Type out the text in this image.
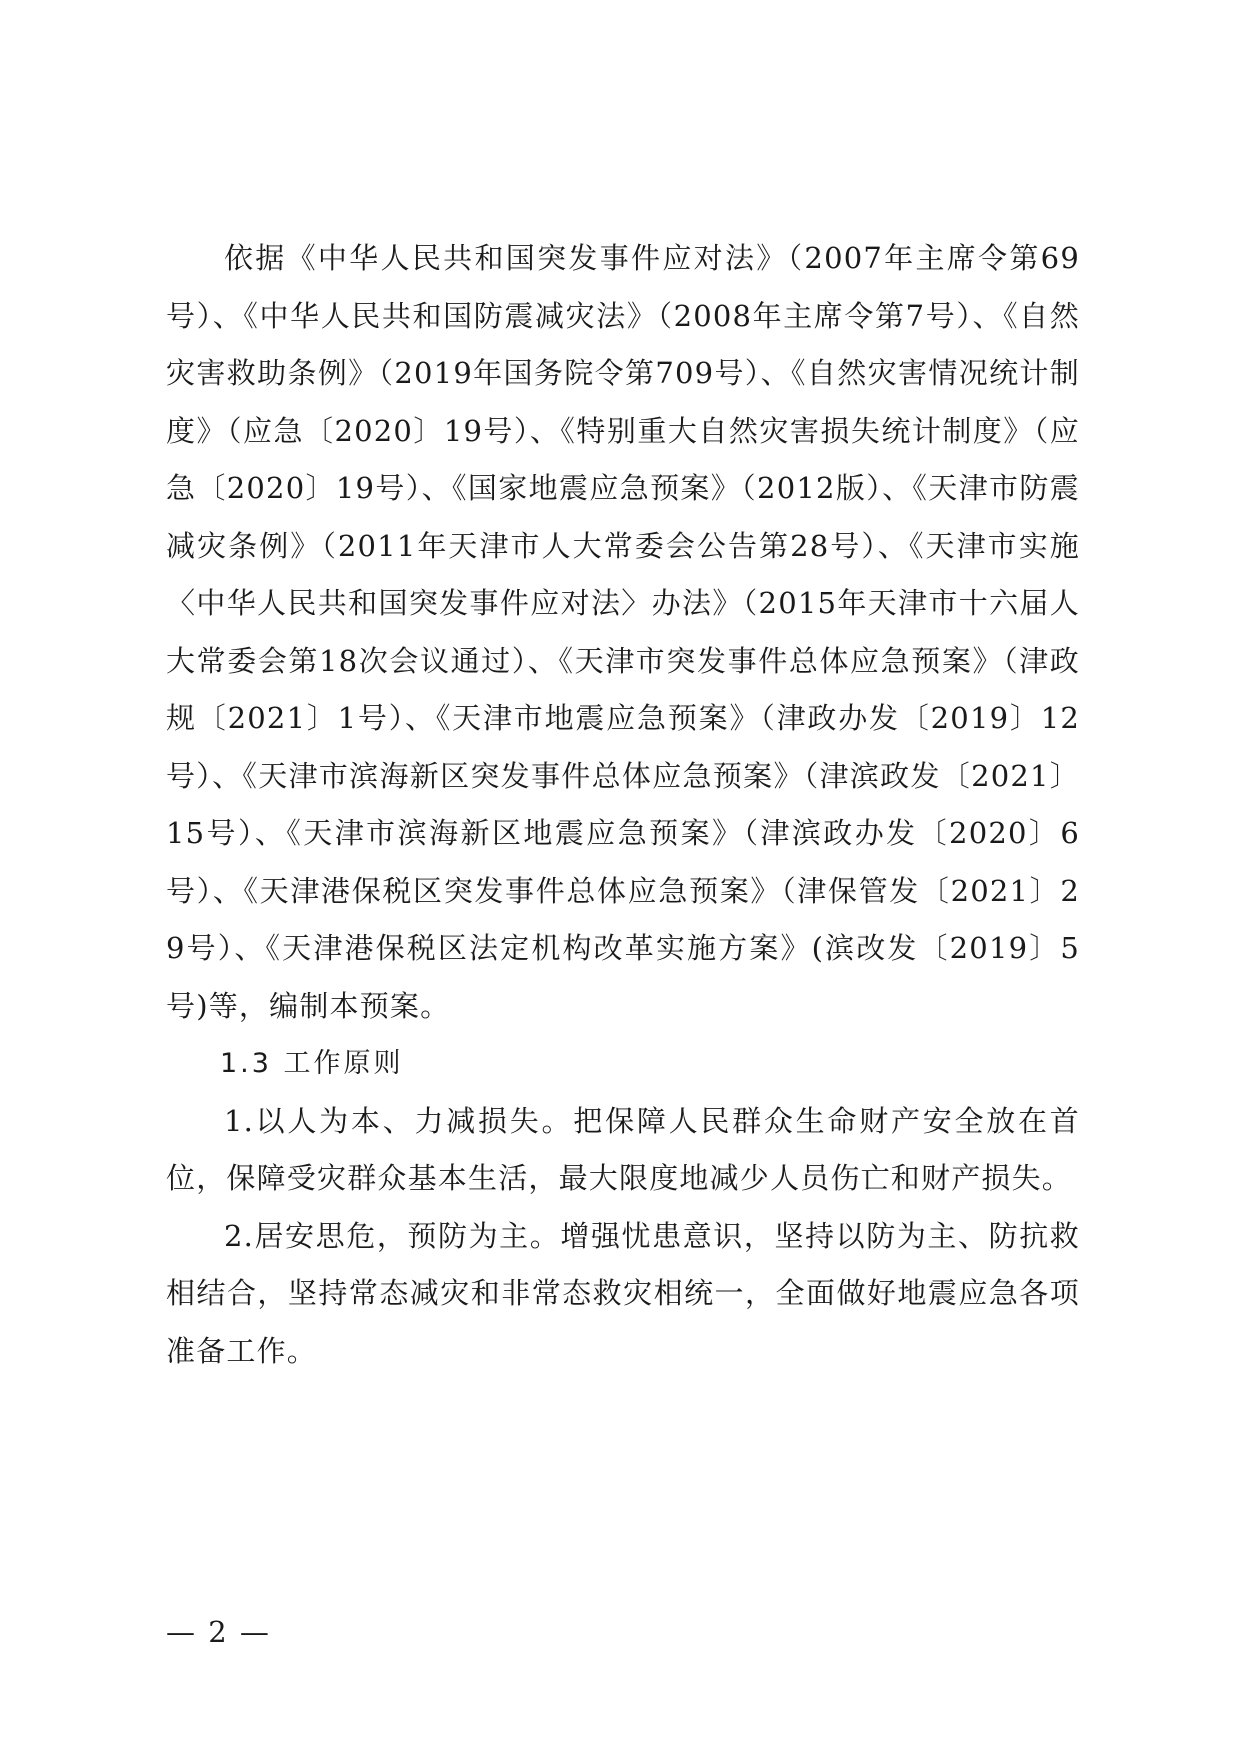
依据《中华人民共和国突发事件应对法》（2007年主席令第69号）、《中华人民共和国防震减灾法》（2008年主席令第7号）、《自然灾害救助条例》（2019年国务院令第709号）、《自然灾害情况统计制度》（应急〔2020〕19号）、《特别重大自然灾害损失统计制度》（应急〔2020〕19号）、《国家地震应急预案》（2012版）、《天津市防震减灾条例》（2011年天津市人大常委会公告第28号）、《天津市实施〈中华人民共和国突发事件应对法〉办法》（2015年天津市十六届人大常委会第18次会议通过）、《天津市突发事件总体应急预案》（津政规〔2021〕1号）、《天津市地震应急预案》（津政办发〔2019〕12号）、《天津市滨海新区突发事件总体应急预案》（津滨政发〔2021〕15号）、《天津市滨海新区地震应急预案》（津滨政办发〔2020〕6号）、《天津港保税区突发事件总体应急预案》（津保管发〔2021〕29号）、《天津港保税区法定机构改革实施方案》(滨改发〔2019〕5号)等，编制本预案。

1.3 工作原则

1.以人为本、力减损失。把保障人民群众生命财产安全放在首位，保障受灾群众基本生活，最大限度地减少人员伤亡和财产损失。

2.居安思危，预防为主。增强忧患意识，坚持以防为主、防抗救相结合，坚持常态减灾和非常态救灾相统一，全面做好地震应急各项准备工作。

— 2 —
